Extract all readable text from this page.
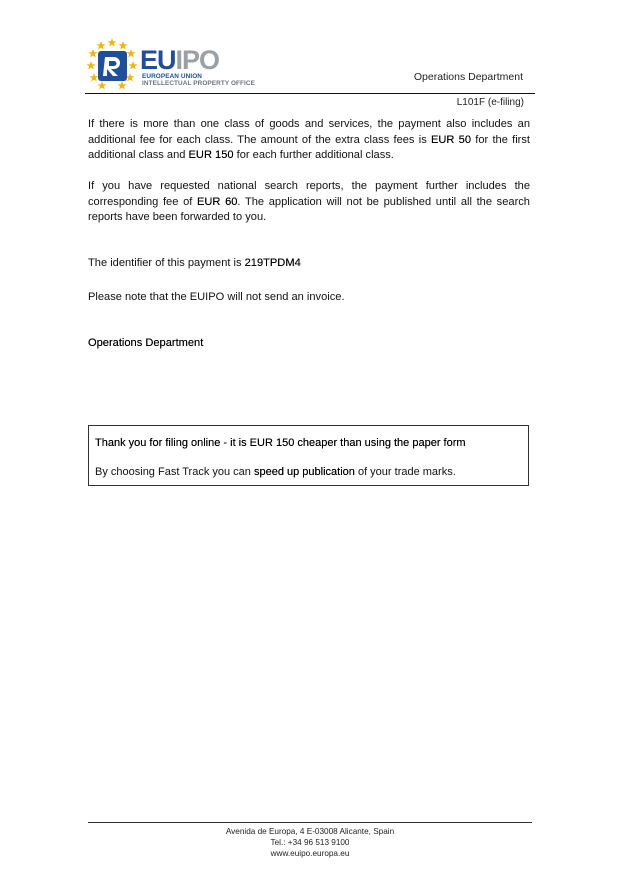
EUIPO
EUROPEAN UNION
INTELLECTUAL PROPERTY OFFICE
Operations Department
L101F (e-filing)
If there is more than one class of goods and services, the payment also includes an additional fee for each class. The amount of the extra class fees is EUR 50 for the first additional class and EUR 150 for each further additional class.
If you have requested national search reports, the payment further includes the corresponding fee of EUR 60. The application will not be published until all the search reports have been forwarded to you.
The identifier of this payment is 219TPDM4
Please note that the EUIPO will not send an invoice.
Operations Department
Thank you for filing online - it is EUR 150 cheaper than using the paper form
By choosing Fast Track you can speed up publication of your trade marks.
Avenida de Europa, 4 E-03008 Alicante, Spain
Tel.: +34 96 513 9100
www.euipo.europa.eu
